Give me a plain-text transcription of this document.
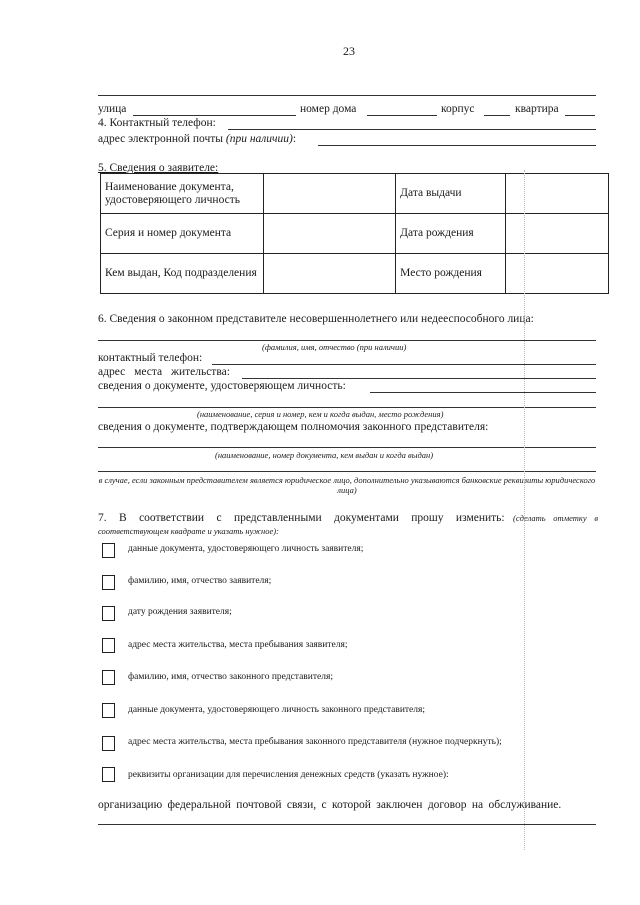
23
улица	номер дома	корпус	квартира
4. Контактный телефон:
адрес электронной почты (при наличии):
5. Сведения о заявителе:
Наименование документа, удостоверяющего личность		Дата выдачи	
Серия и номер документа		Дата рождения	
Кем выдан, Код подразделения		Место рождения	
6. Сведения о законном представителе несовершеннолетнего или недееспособного лица:
(фамилия, имя, отчество (при наличии)
контактный телефон:
адрес места жительства:
сведения о документе, удостоверяющем личность:
(наименование, серия и номер, кем и когда выдан, место рождения)
сведения о документе, подтверждающем полномочия законного представителя:
(наименование, номер документа, кем выдан и когда выдан)
в случае, если законным представителем является юридическое лицо, дополнительно указываются банковские реквизиты юридического лица)
7. В соответствии с представленными документами прошу изменить: (сделать отметку в соответствующем квадрате и указать нужное):
данные документа, удостоверяющего личность заявителя;
фамилию, имя, отчество заявителя;
дату рождения заявителя;
адрес места жительства, места пребывания заявителя;
фамилию, имя, отчество законного представителя;
данные документа, удостоверяющего личность законного представителя;
адрес места жительства, места пребывания законного представителя (нужное подчеркнуть);
реквизиты организации для перечисления денежных средств (указать нужное):
организацию федеральной почтовой связи, с которой заключен договор на обслуживание.
